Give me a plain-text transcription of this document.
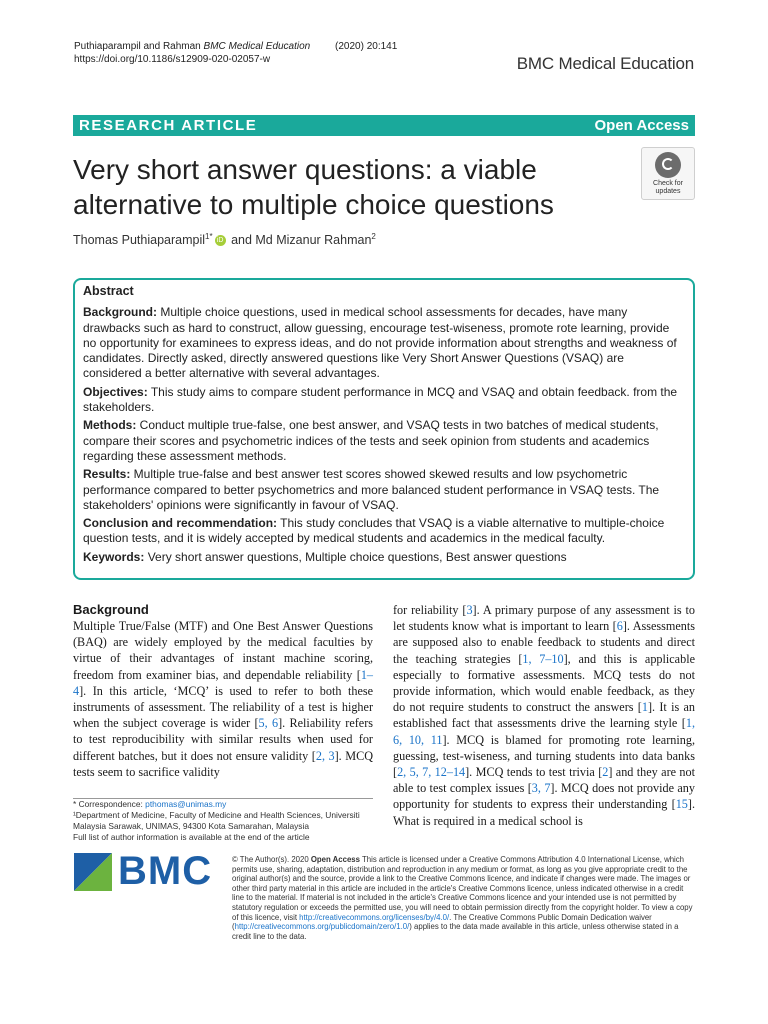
Puthiaparampil and Rahman BMC Medical Education (2020) 20:141
https://doi.org/10.1186/s12909-020-02057-w	BMC Medical Education
RESEARCH ARTICLE	Open Access
Very short answer questions: a viable alternative to multiple choice questions
Check for
updates
Thomas Puthiaparampil$^{1*}$ iD and Md Mizanur Rahman$^2$
Abstract

Background: Multiple choice questions, used in medical school assessments for decades, have many drawbacks such as hard to construct, allow guessing, encourage test-wiseness, promote rote learning, provide no opportunity for examinees to express ideas, and do not provide information about strengths and weakness of candidates. Directly asked, directly answered questions like Very Short Answer Questions (VSAQ) are considered a better alternative with several advantages.

Objectives: This study aims to compare student performance in MCQ and VSAQ and obtain feedback. from the stakeholders.

Methods: Conduct multiple true-false, one best answer, and VSAQ tests in two batches of medical students, compare their scores and psychometric indices of the tests and seek opinion from students and academics regarding these assessment methods.

Results: Multiple true-false and best answer test scores showed skewed results and low psychometric performance compared to better psychometrics and more balanced student performance in VSAQ tests. The stakeholders' opinions were significantly in favour of VSAQ.

Conclusion and recommendation: This study concludes that VSAQ is a viable alternative to multiple-choice question tests, and it is widely accepted by medical students and academics in the medical faculty.

Keywords: Very short answer questions, Multiple choice questions, Best answer questions

Background

Multiple True/False (MTF) and One Best Answer Questions (BAQ) are widely employed by the medical faculties by virtue of their advantages of instant machine scoring, freedom from examiner bias, and dependable reliability [1–4]. In this article, ‘MCQ’ is used to refer to both these instruments of assessment. The reliability of a test is higher when the subject coverage is wider [5, 6]. Reliability refers to test reproducibility with similar results when used for different batches, but it does not ensure validity [2, 3]. MCQ tests seem to sacrifice validity

for reliability [3]. A primary purpose of any assessment is to let students know what is important to learn [6]. Assessments are supposed also to enable feedback to students and direct the teaching strategies [1, 7–10], and this is applicable especially to formative assessments. MCQ tests do not provide information, which would enable feedback, as they do not require students to construct the answers [1]. It is an established fact that assessments drive the learning style [1, 6, 10, 11]. MCQ is blamed for promoting rote learning, guessing, test-wiseness, and turning students into data banks [2, 5, 7, 12–14]. MCQ tends to test trivia [2] and they are not able to test complex issues [3, 7]. MCQ does not provide any opportunity for students to express their understanding [15]. What is required in a medical school is

* Correspondence: pthomas@unimas.my

¹Department of Medicine, Faculty of Medicine and Health Sciences, Universiti Malaysia Sarawak, UNIMAS, 94300 Kota Samarahan, Malaysia

Full list of author information is available at the end of the article

BMC	© The Author(s). 2020 Open Access This article is licensed under a Creative Commons Attribution 4.0 International License, which permits use, sharing, adaptation, distribution and reproduction in any medium or format, as long as you give appropriate credit to the original author(s) and the source, provide a link to the Creative Commons licence, and indicate if changes were made. The images or other third party material in this article are included in the article's Creative Commons licence, unless indicated otherwise in a credit line to the material. If material is not included in the article's Creative Commons licence and your intended use is not permitted by statutory regulation or exceeds the permitted use, you will need to obtain permission directly from the copyright holder. To view a copy of this licence, visit http://creativecommons.org/licenses/by/4.0/. The Creative Commons Public Domain Dedication waiver (http://creativecommons.org/publicdomain/zero/1.0/) applies to the data made available in this article, unless otherwise stated in a credit line to the data.
